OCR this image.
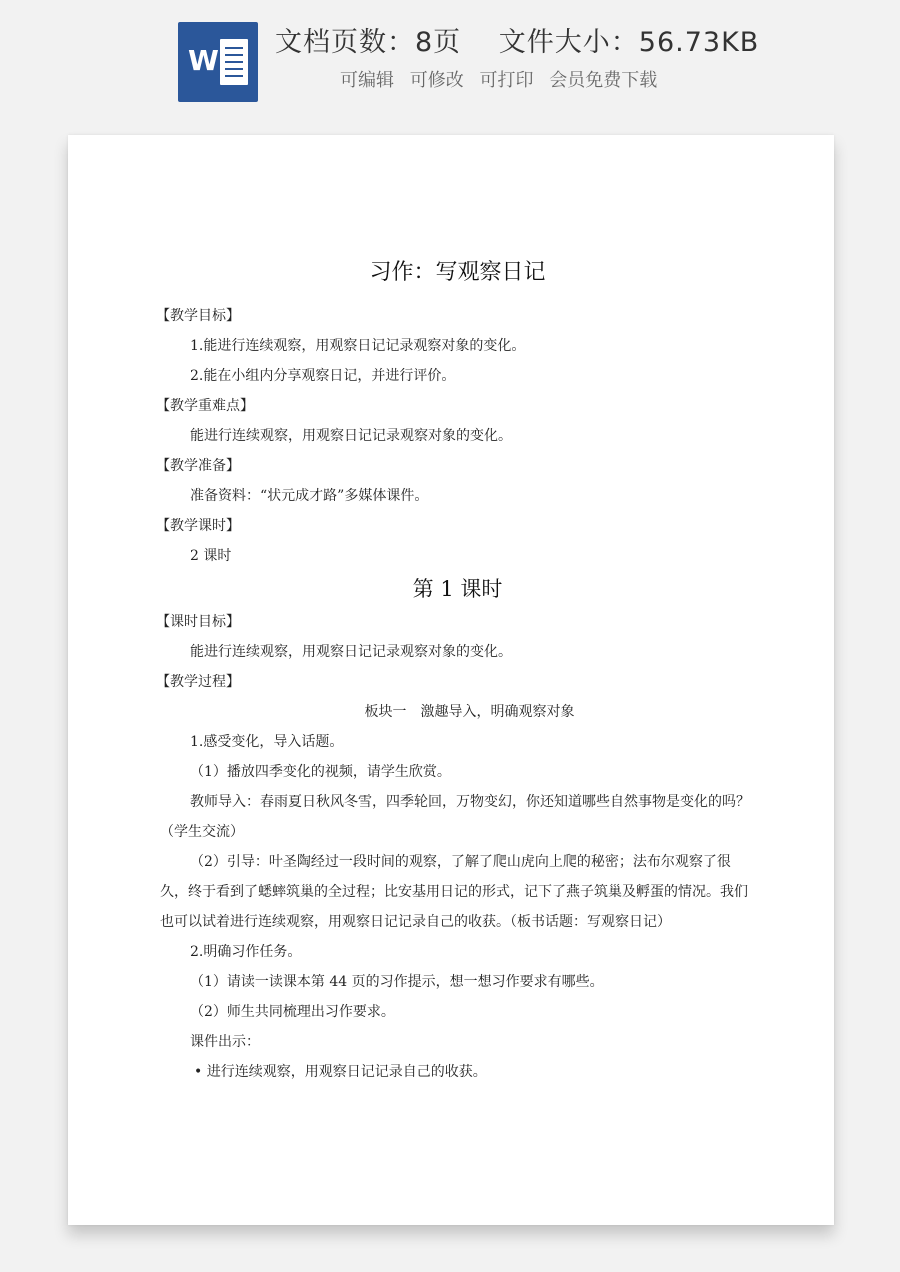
W
文档页数：8页 文件大小：56.73KB
可编辑 可修改 可打印 会员免费下载

习作：写观察日记

【教学目标】

1.能进行连续观察，用观察日记记录观察对象的变化。

2.能在小组内分享观察日记，并进行评价。

【教学重难点】

能进行连续观察，用观察日记记录观察对象的变化。

【教学准备】

准备资料：“状元成才路”多媒体课件。

【教学课时】

2 课时

第 1 课时

【课时目标】

能进行连续观察，用观察日记记录观察对象的变化。

【教学过程】

板块一　激趣导入，明确观察对象

1.感受变化，导入话题。

（1）播放四季变化的视频，请学生欣赏。

教师导入：春雨夏日秋风冬雪，四季轮回，万物变幻，你还知道哪些自然事物是变化的吗？（学生交流）

（2）引导：叶圣陶经过一段时间的观察，了解了爬山虎向上爬的秘密；法布尔观察了很久，终于看到了蟋蟀筑巢的全过程；比安基用日记的形式，记下了燕子筑巢及孵蛋的情况。我们也可以试着进行连续观察，用观察日记记录自己的收获。（板书话题：写观察日记）

2.明确习作任务。

（1）请读一读课本第 44 页的习作提示，想一想习作要求有哪些。

（2）师生共同梳理出习作要求。

课件出示：

• 进行连续观察，用观察日记记录自己的收获。
